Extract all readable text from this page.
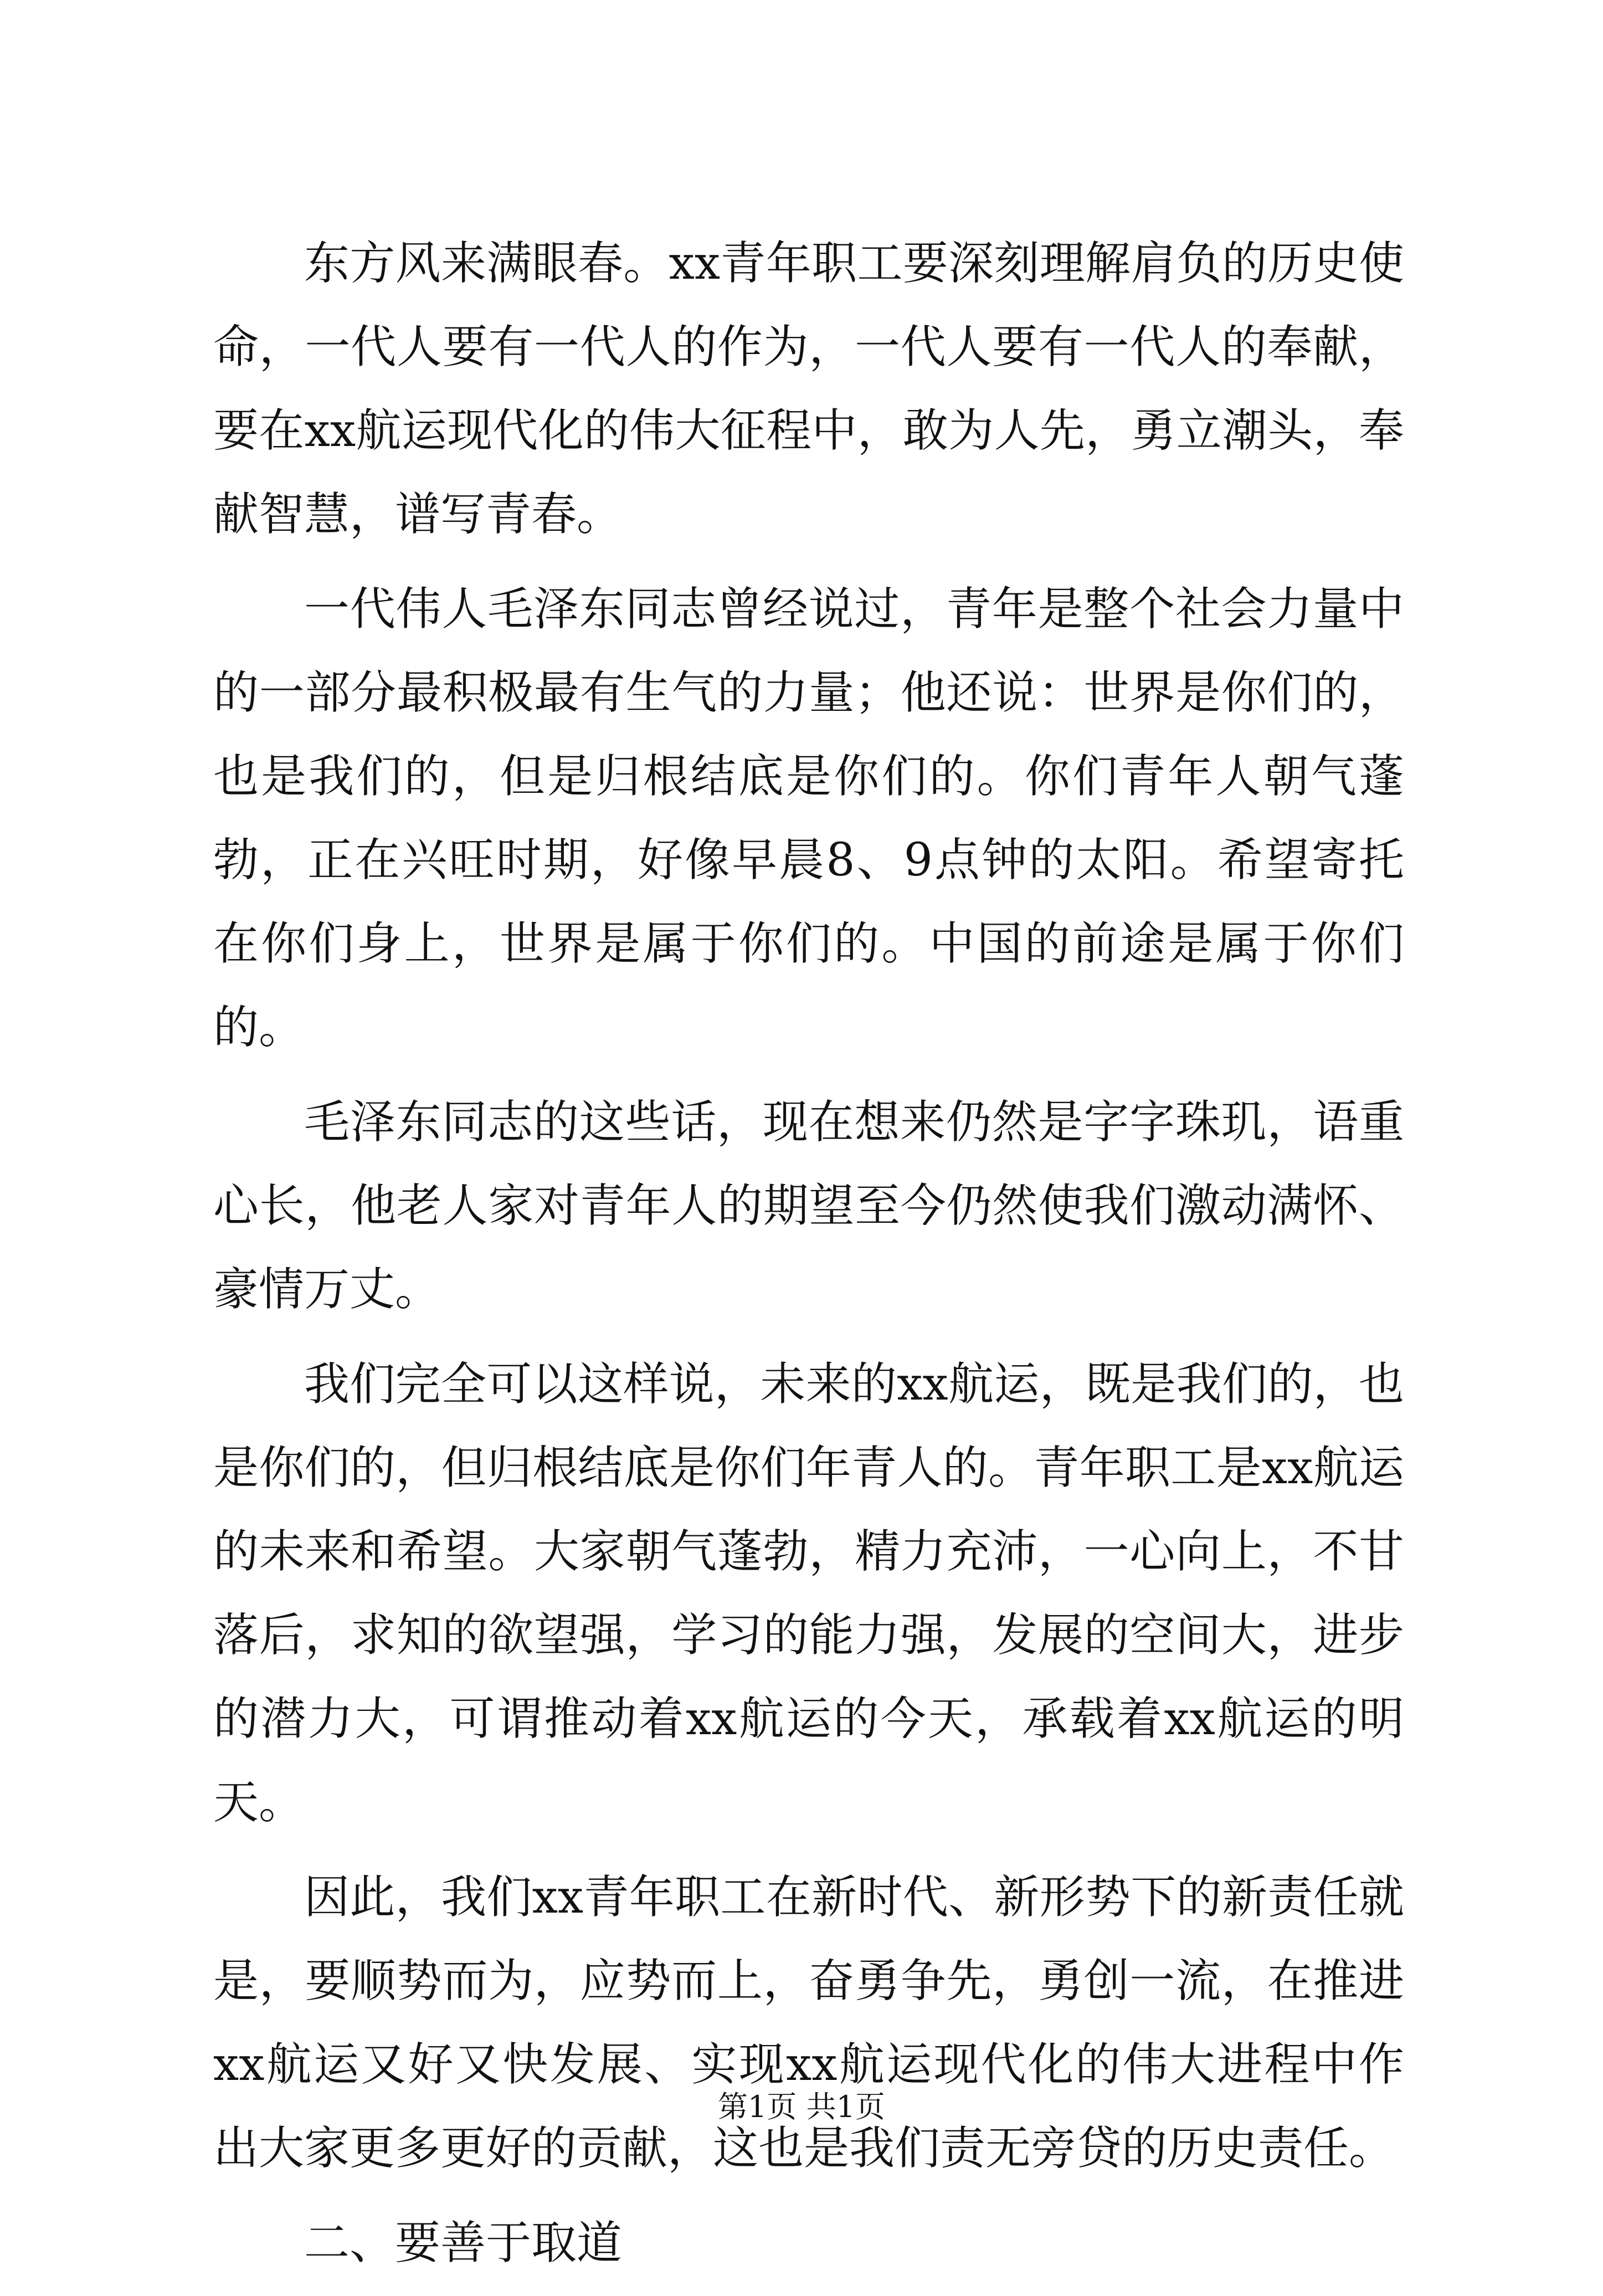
东方风来满眼春。xx青年职工要深刻理解肩负的历史使命，一代人要有一代人的作为，一代人要有一代人的奉献，要在xx航运现代化的伟大征程中，敢为人先，勇立潮头，奉献智慧，谱写青春。

一代伟人毛泽东同志曾经说过，青年是整个社会力量中的一部分最积极最有生气的力量；他还说：世界是你们的，也是我们的，但是归根结底是你们的。你们青年人朝气蓬勃，正在兴旺时期，好像早晨8、9点钟的太阳。希望寄托在你们身上，世界是属于你们的。中国的前途是属于你们的。

毛泽东同志的这些话，现在想来仍然是字字珠玑，语重心长，他老人家对青年人的期望至今仍然使我们激动满怀、豪情万丈。

我们完全可以这样说，未来的xx航运，既是我们的，也是你们的，但归根结底是你们年青人的。青年职工是xx航运的未来和希望。大家朝气蓬勃，精力充沛，一心向上，不甘落后，求知的欲望强，学习的能力强，发展的空间大，进步的潜力大，可谓推动着xx航运的今天，承载着xx航运的明天。

因此，我们xx青年职工在新时代、新形势下的新责任就是，要顺势而为，应势而上，奋勇争先，勇创一流，在推进xx航运又好又快发展、实现xx航运现代化的伟大进程中作出大家更多更好的贡献，这也是我们责无旁贷的历史责任。

二、要善于取道

第1页 共1页
